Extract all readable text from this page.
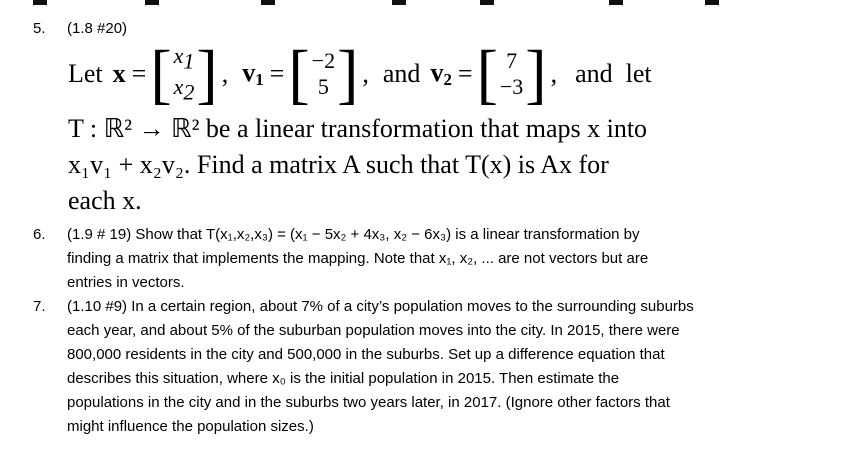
5. (1.8 #20)
Let x = [ x1
x2 ] , $v_1$ = [ −2
5 ] , and $v_2$ = [ 7
−3 ] , and  let
T : ℝ² → ℝ² be a linear transformation that maps x into
x₁v₁ + x₂v₂. Find a matrix A such that T(x) is Ax for
each x.
6. (1.9 # 19) Show that T(x₁,x₂,x₃) = (x₁ − 5x₂ + 4x₃, x₂ − 6x₃) is a linear transformation by
finding a matrix that implements the mapping. Note that x₁, x₂, ... are not vectors but are
entries in vectors.
7. (1.10 #9) In a certain region, about 7% of a city’s population moves to the surrounding suburbs
each year, and about 5% of the suburban population moves into the city. In 2015, there were
800,000 residents in the city and 500,000 in the suburbs. Set up a difference equation that
describes this situation, where x₀ is the initial population in 2015. Then estimate the
populations in the city and in the suburbs two years later, in 2017. (Ignore other factors that
might influence the population sizes.)
